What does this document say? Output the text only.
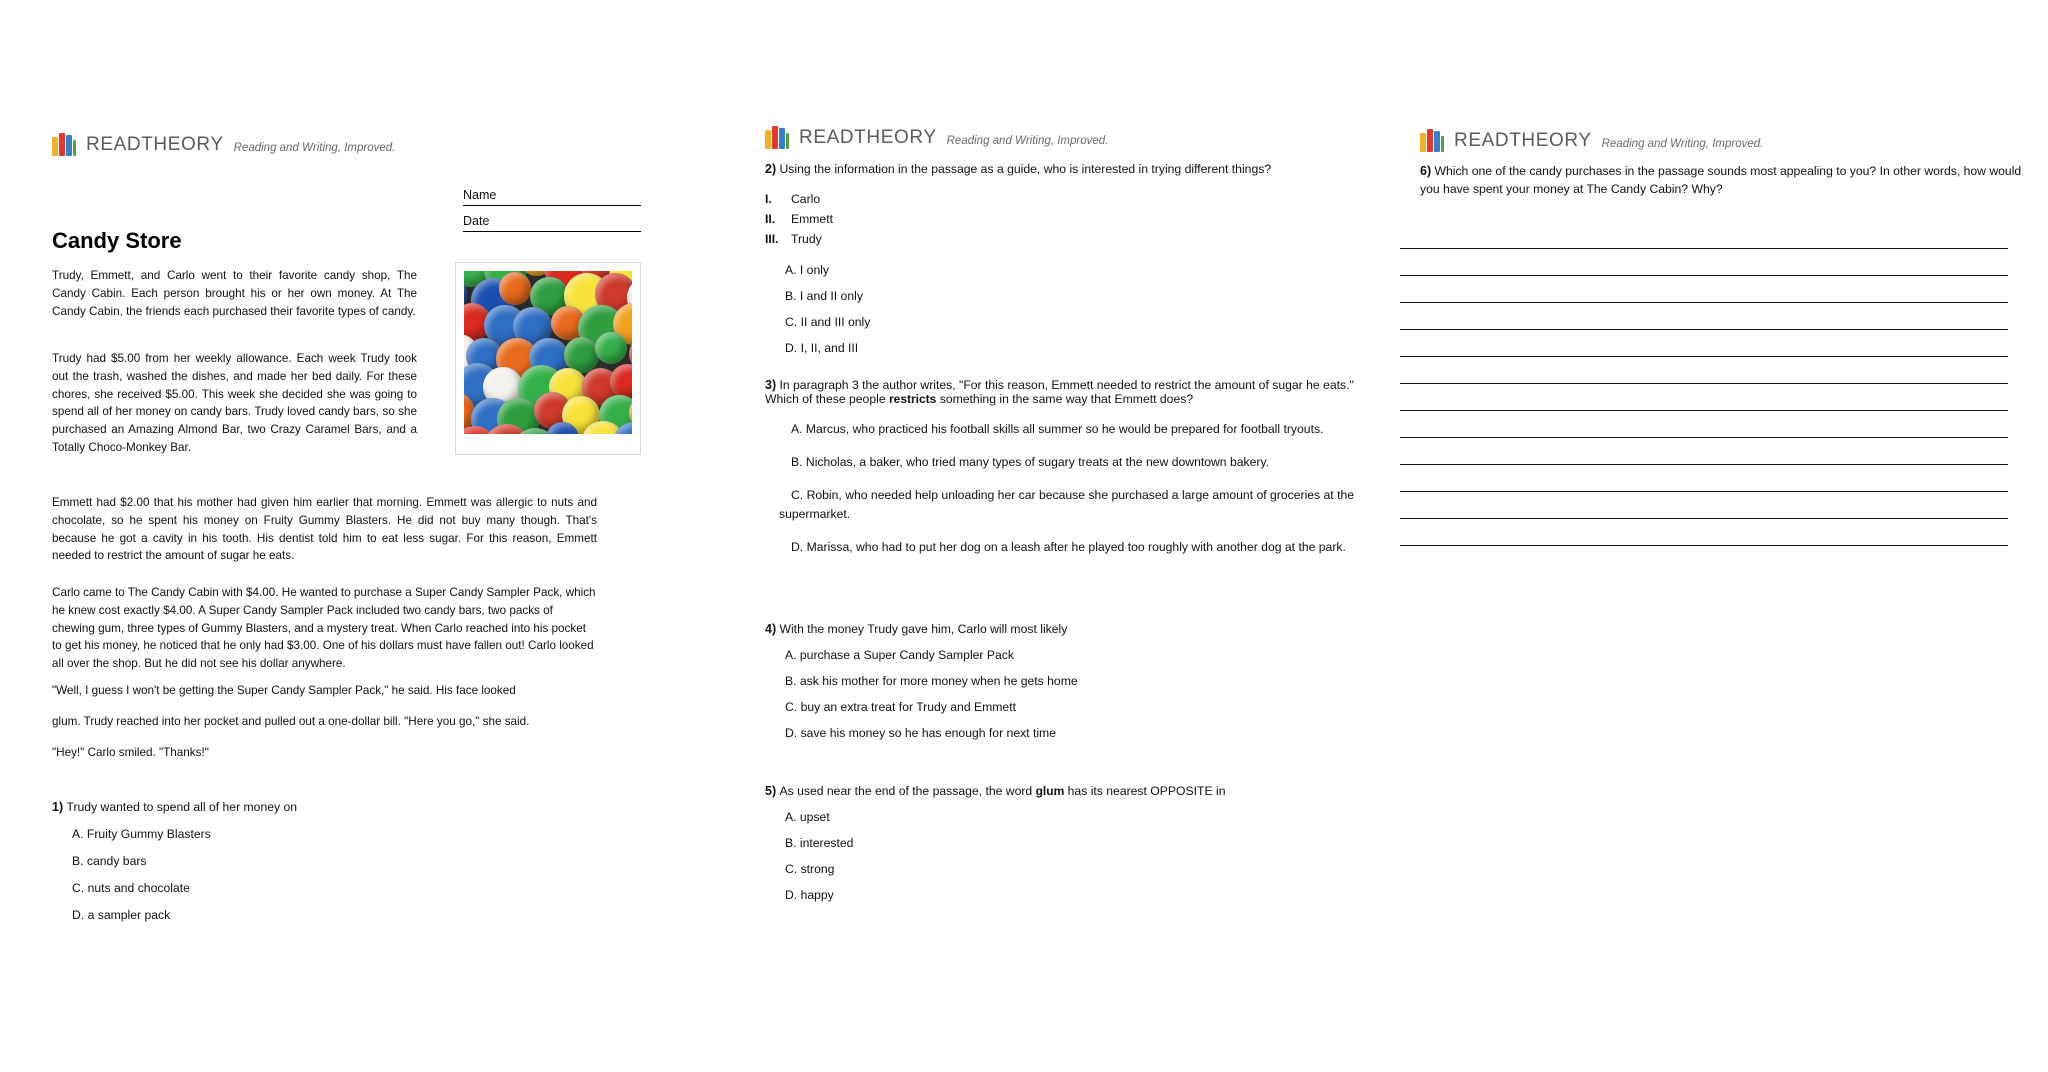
READTHEORY Reading and Writing, Improved.
Name
Date
Candy Store
Trudy, Emmett, and Carlo went to their favorite candy shop, The Candy Cabin. Each person brought his or her own money. At The Candy Cabin, the friends each purchased their favorite types of candy.
Trudy had $5.00 from her weekly allowance. Each week Trudy took out the trash, washed the dishes, and made her bed daily. For these chores, she received $5.00. This week she decided she was going to spend all of her money on candy bars. Trudy loved candy bars, so she purchased an Amazing Almond Bar, two Crazy Caramel Bars, and a Totally Choco-Monkey Bar.
Emmett had $2.00 that his mother had given him earlier that morning. Emmett was allergic to nuts and chocolate, so he spent his money on Fruity Gummy Blasters. He did not buy many though. That's because he got a cavity in his tooth. His dentist told him to eat less sugar. For this reason, Emmett needed to restrict the amount of sugar he eats.
Carlo came to The Candy Cabin with $4.00. He wanted to purchase a Super Candy Sampler Pack, which he knew cost exactly $4.00. A Super Candy Sampler Pack included two candy bars, two packs of chewing gum, three types of Gummy Blasters, and a mystery treat. When Carlo reached into his pocket to get his money, he noticed that he only had $3.00. One of his dollars must have fallen out! Carlo looked all over the shop. But he did not see his dollar anywhere.
"Well, I guess I won't be getting the Super Candy Sampler Pack," he said. His face looked
glum. Trudy reached into her pocket and pulled out a one-dollar bill. "Here you go," she said.
"Hey!" Carlo smiled. "Thanks!"
1) Trudy wanted to spend all of her money on
A. Fruity Gummy Blasters
B. candy bars
C. nuts and chocolate
D. a sampler pack
READTHEORY Reading and Writing, Improved.
2) Using the information in the passage as a guide, who is interested in trying different things?
I. Carlo
II. Emmett
III. Trudy
A. I only
B. I and II only
C. II and III only
D. I, II, and III
3) In paragraph 3 the author writes, "For this reason, Emmett needed to restrict the amount of sugar he eats." Which of these people restricts something in the same way that Emmett does?
A. Marcus, who practiced his football skills all summer so he would be prepared for football tryouts.
B. Nicholas, a baker, who tried many types of sugary treats at the new downtown bakery.
C. Robin, who needed help unloading her car because she purchased a large amount of groceries at the supermarket.
D. Marissa, who had to put her dog on a leash after he played too roughly with another dog at the park.
4) With the money Trudy gave him, Carlo will most likely
A. purchase a Super Candy Sampler Pack
B. ask his mother for more money when he gets home
C. buy an extra treat for Trudy and Emmett
D. save his money so he has enough for next time
5) As used near the end of the passage, the word glum has its nearest OPPOSITE in
A. upset
B. interested
C. strong
D. happy
READTHEORY Reading and Writing, Improved.
6) Which one of the candy purchases in the passage sounds most appealing to you? In other words, how would you have spent your money at The Candy Cabin? Why?
